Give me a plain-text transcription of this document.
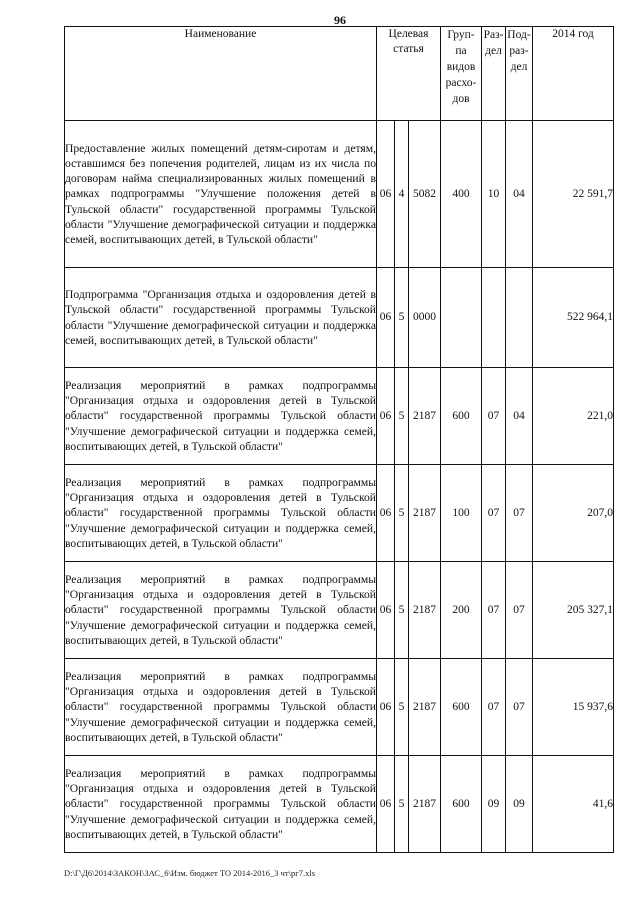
96
Наименование	Целевая статья			Груп- па видов расхо- дов	Раз- дел	Под- раз- дел	2014 год
Предоставление жилых помещений детям-сиротам и детям, оставшимся без попечения родителей, лицам из их числа по договорам найма специализированных жилых помещений в рамках подпрограммы "Улучшение положения детей в Тульской области" государственной программы Тульской области "Улучшение демографической ситуации и поддержка семей, воспитывающих детей, в Тульской области"	06	4	5082	400	10	04	22 591,7
Подпрограмма "Организация отдыха и оздоровления детей в Тульской области" государственной программы Тульской области "Улучшение демографической ситуации и поддержка семей, воспитывающих детей, в Тульской области"	06	5	0000				522 964,1
Реализация мероприятий в рамках подпрограммы "Организация отдыха и оздоровления детей в Тульской области" государственной программы Тульской области "Улучшение демографической ситуации и поддержка семей, воспитывающих детей, в Тульской области"	06	5	2187	600	07	04	221,0
Реализация мероприятий в рамках подпрограммы "Организация отдыха и оздоровления детей в Тульской области" государственной программы Тульской области "Улучшение демографической ситуации и поддержка семей, воспитывающих детей, в Тульской области"	06	5	2187	100	07	07	207,0
Реализация мероприятий в рамках подпрограммы "Организация отдыха и оздоровления детей в Тульской области" государственной программы Тульской области "Улучшение демографической ситуации и поддержка семей, воспитывающих детей, в Тульской области"	06	5	2187	200	07	07	205 327,1
Реализация мероприятий в рамках подпрограммы "Организация отдыха и оздоровления детей в Тульской области" государственной программы Тульской области "Улучшение демографической ситуации и поддержка семей, воспитывающих детей, в Тульской области"	06	5	2187	600	07	07	15 937,6
Реализация мероприятий в рамках подпрограммы "Организация отдыха и оздоровления детей в Тульской области" государственной программы Тульской области "Улучшение демографической ситуации и поддержка семей, воспитывающих детей, в Тульской области"	06	5	2187	600	09	09	41,6
D:\Г\Д6\2014\ЗАКОН\ЗАС_6\Изм. бюджет ТО 2014-2016_3 чт\рг7.xls
